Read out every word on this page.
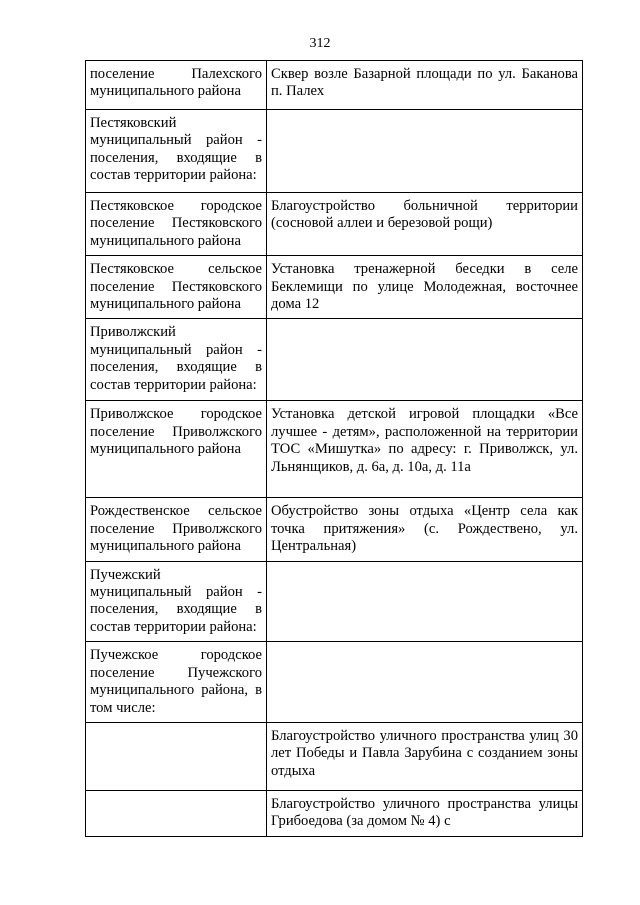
312
поселение Палехского муниципального района	Сквер возле Базарной площади по ул. Баканова п. Палех

Пестяковский муниципальный район - поселения, входящие в состав территории района:	

Пестяковское городское поселение Пестяковского муниципального района	Благоустройство больничной территории (сосновой аллеи и березовой рощи)

Пестяковское сельское поселение Пестяковского муниципального района	Установка тренажерной беседки в селе Беклемищи по улице Молодежная, восточнее дома 12

Приволжский муниципальный район - поселения, входящие в состав территории района:	

Приволжское городское поселение Приволжского муниципального района	Установка детской игровой площадки «Все лучшее - детям», расположенной на территории ТОС «Мишутка» по адресу: г. Приволжск, ул. Льнянщиков, д. 6а, д. 10а, д. 11а

Рождественское сельское поселение Приволжского муниципального района	Обустройство зоны отдыха «Центр села как точка притяжения» (с. Рождествено, ул. Центральная)

Пучежский муниципальный район - поселения, входящие в состав территории района:	

Пучежское городское поселение Пучежского муниципального района, в том числе:	

	Благоустройство уличного пространства улиц 30 лет Победы и Павла Зарубина с созданием зоны отдыха

	Благоустройство уличного пространства улицы Грибоедова (за домом № 4) с
